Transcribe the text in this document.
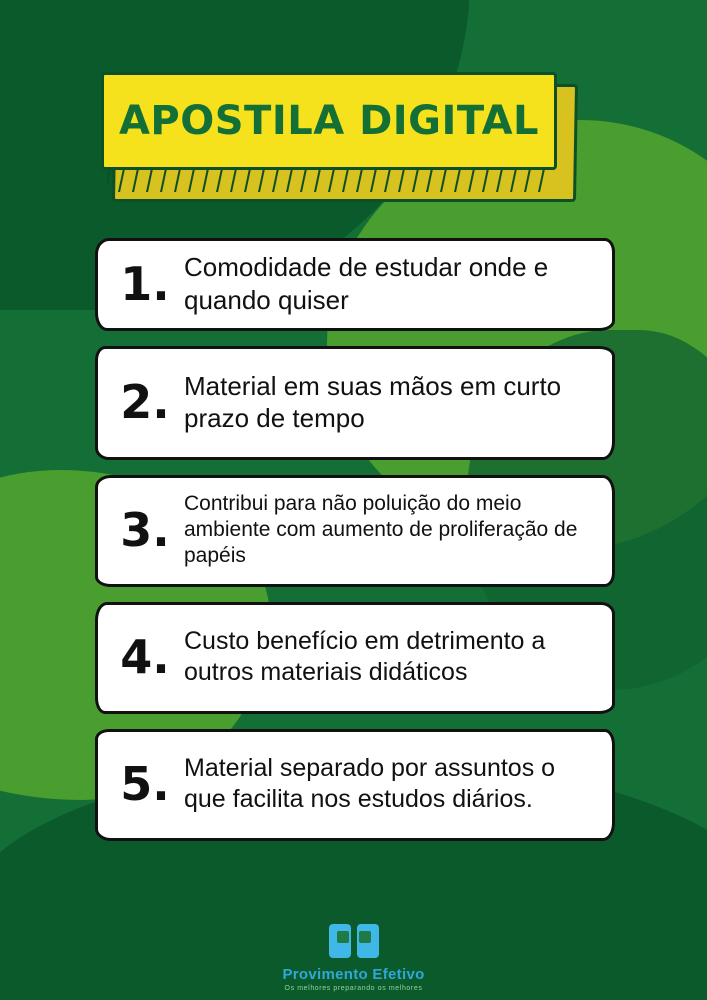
APOSTILA DIGITAL
1. Comodidade de estudar onde e quando quiser
2. Material em suas mãos em curto prazo de tempo
3. Contribui para não poluição do meio ambiente com aumento de proliferação de papéis
4. Custo benefício em detrimento a outros materiais didáticos
5. Material separado por assuntos o que facilita nos estudos diários.
Provimento Efetivo
Os melhores preparando os melhores
